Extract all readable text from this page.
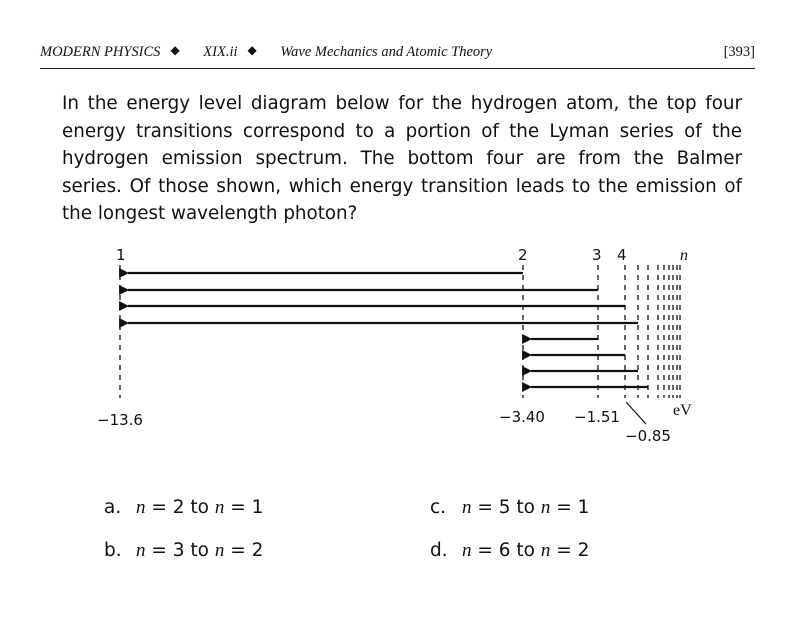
MODERN PHYSICS ◆ XIX.ii ◆ Wave Mechanics and Atomic Theory	[393]
In the energy level diagram below for the hydrogen atom, the top four energy transitions correspond to a portion of the Lyman series of the hydrogen emission spectrum. The bottom four are from the Balmer series. Of those shown, which energy transition leads to the emission of the longest wavelength photon?
1	2	3 4	n
−13.6	−3.40 −1.51
−0.85
eV
a. n = 2 to n = 1
b. n = 3 to n = 2
c. n = 5 to n = 1
d. n = 6 to n = 2
